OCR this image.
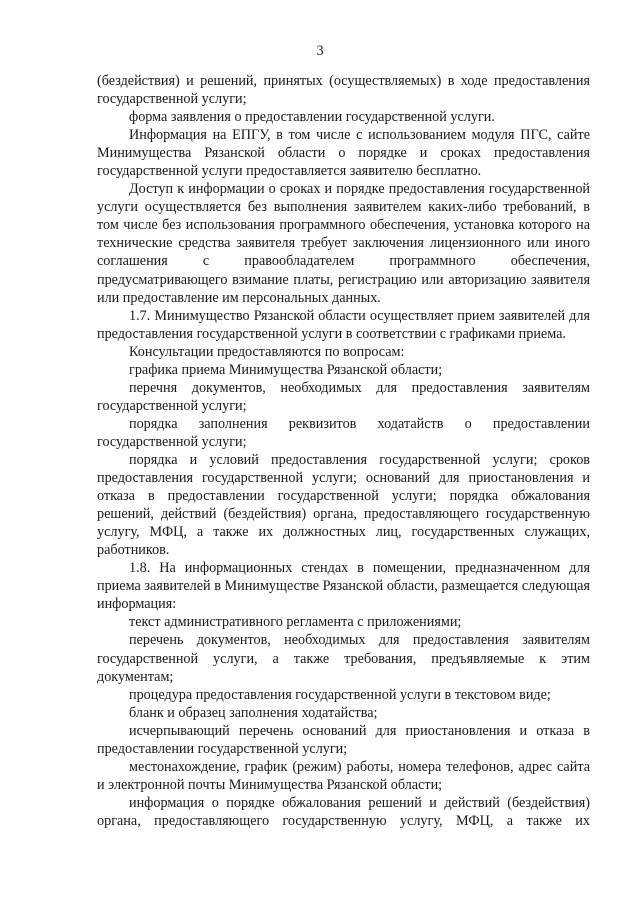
3

(бездействия) и решений, принятых (осуществляемых) в ходе предоставления государственной услуги;

форма заявления о предоставлении государственной услуги.

Информация на ЕПГУ, в том числе с использованием модуля ПГС, сайте Минимущества Рязанской области о порядке и сроках предоставления государственной услуги предоставляется заявителю бесплатно.

Доступ к информации о сроках и порядке предоставления государственной услуги осуществляется без выполнения заявителем каких-либо требований, в том числе без использования программного обеспечения, установка которого на технические средства заявителя требует заключения лицензионного или иного соглашения с правообладателем программного обеспечения, предусматривающего взимание платы, регистрацию или авторизацию заявителя или предоставление им персональных данных.

1.7. Минимущество Рязанской области осуществляет прием заявителей для предоставления государственной услуги в соответствии с графиками приема.

Консультации предоставляются по вопросам:

графика приема Минимущества Рязанской области;

перечня документов, необходимых для предоставления заявителям государственной услуги;

порядка заполнения реквизитов ходатайств о предоставлении государственной услуги;

порядка и условий предоставления государственной услуги; сроков предоставления государственной услуги; оснований для приостановления и отказа в предоставлении государственной услуги; порядка обжалования решений, действий (бездействия) органа, предоставляющего государственную услугу, МФЦ, а также их должностных лиц, государственных служащих, работников.

1.8. На информационных стендах в помещении, предназначенном для приема заявителей в Минимуществе Рязанской области, размещается следующая информация:

текст административного регламента с приложениями;

перечень документов, необходимых для предоставления заявителям государственной услуги, а также требования, предъявляемые к этим документам;

процедура предоставления государственной услуги в текстовом виде;

бланк и образец заполнения ходатайства;

исчерпывающий перечень оснований для приостановления и отказа в предоставлении государственной услуги;

местонахождение, график (режим) работы, номера телефонов, адрес сайта и электронной почты Минимущества Рязанской области;

информация о порядке обжалования решений и действий (бездействия) органа, предоставляющего государственную услугу, МФЦ, а также их
